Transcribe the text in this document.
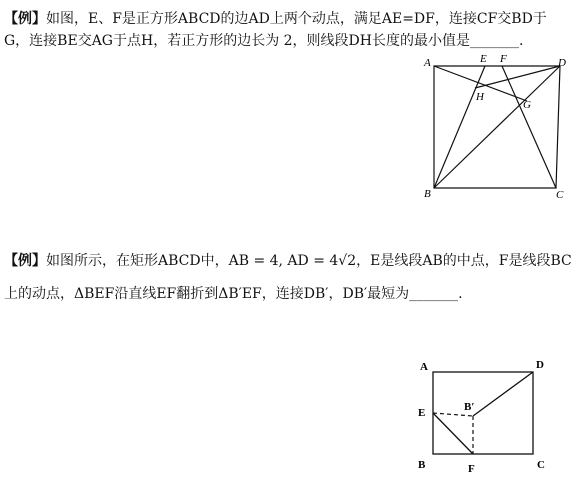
【例】如图，E、F是正方形ABCD的边AD上两个动点，满足AE=DF，连接CF交BD于
G，连接BE交AG于点H，若正方形的边长为 2，则线段DH长度的最小值是_______.
A	E F	D
H
G
B	C
【例】如图所示，在矩形ABCD中，AB = 4, AD = 4√2，E是线段AB的中点，F是线段BC
上的动点，ΔBEF沿直线EF翻折到ΔB′EF，连接DB′，DB′最短为_______.
A	D
E	B′
B	F	C
